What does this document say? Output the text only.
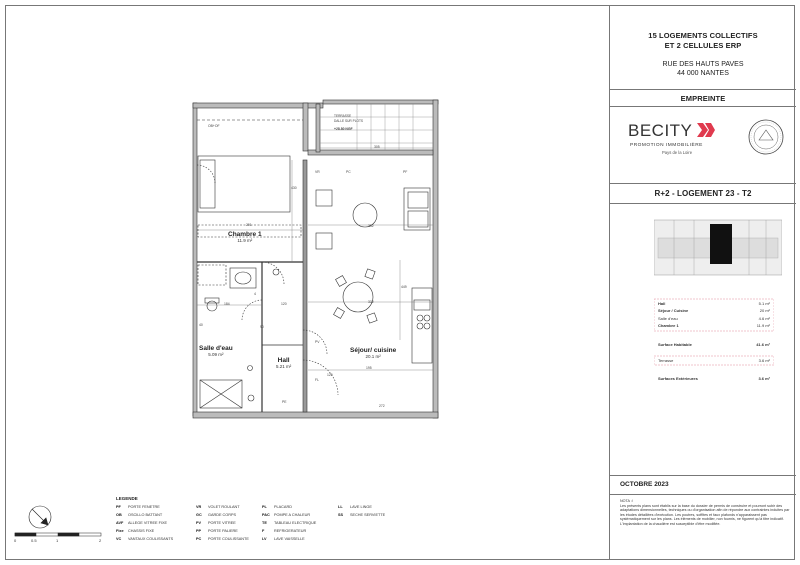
TERRASSE
DALLE SUR PLOTS
+28.80 NGF
OB+OF
VR	PC	PF
PE
PV
FL
291	332
332
430
120
120
195
272
305
184
40
4
449
90
Chambre 1
11.9 m²
Salle d'eau
5.09 m²
Hall
5.21 m²
Séjour/ cuisine
20.1 m²
0	0.5	1	2
LEGENDE
PF PORTE FENETRE
OB OSCILLO BATTANT
AVF ALLEGE VITREE FIXE
Fixe CHASSIS FIXE
VC VANTAUX COULISSANTS
VR VOLET ROULANT
GC GARDE CORPS
PV PORTE VITREE
PP PORTE PALIERE
PC PORTE COULISSANTE
PL PLACARD
PAC POMPE A CHALEUR
TE TABLEAU ELECTRIQUE
F	REFRIGERATEUR
LV LAVE VAISSELLE
LL LAVE LINGE
SS SECHE SERVIETTE
15 LOGEMENTS COLLECTIFS
ET 2 CELLULES ERP
RUE DES HAUTS PAVES
44 000 NANTES
EMPREINTE
BECITY
PROMOTION IMMOBILIÈRE
Pays de la Loire
R+2 - LOGEMENT 23 - T2
Hall	5.1 m²
Séjour / Cuisine	20 m²
Salle d'eau	4.6 m²
Chambre 1	11.9 m²
Surface Habitable	41.6 m²
Terrasse	3.6 m²
Surfaces Extérieures	3.6 m²
OCTOBRE 2023
NOTA :/
Les présents plans sont établis sur la base du dossier de permis de construire et pourront subir des adaptations dimensionnelles, techniques ou d'organisation afin de répondre aux contraintes induites par les études détaillées d'exécution. Les poutres, soffites et faux plafonds n'apparaissent pas systématiquement sur les plans. Les éléments de mobilier, non fournis, ne figurent qu'à titre indicatif. L'implantation de la chaudière est susceptible d'être modifiée.
